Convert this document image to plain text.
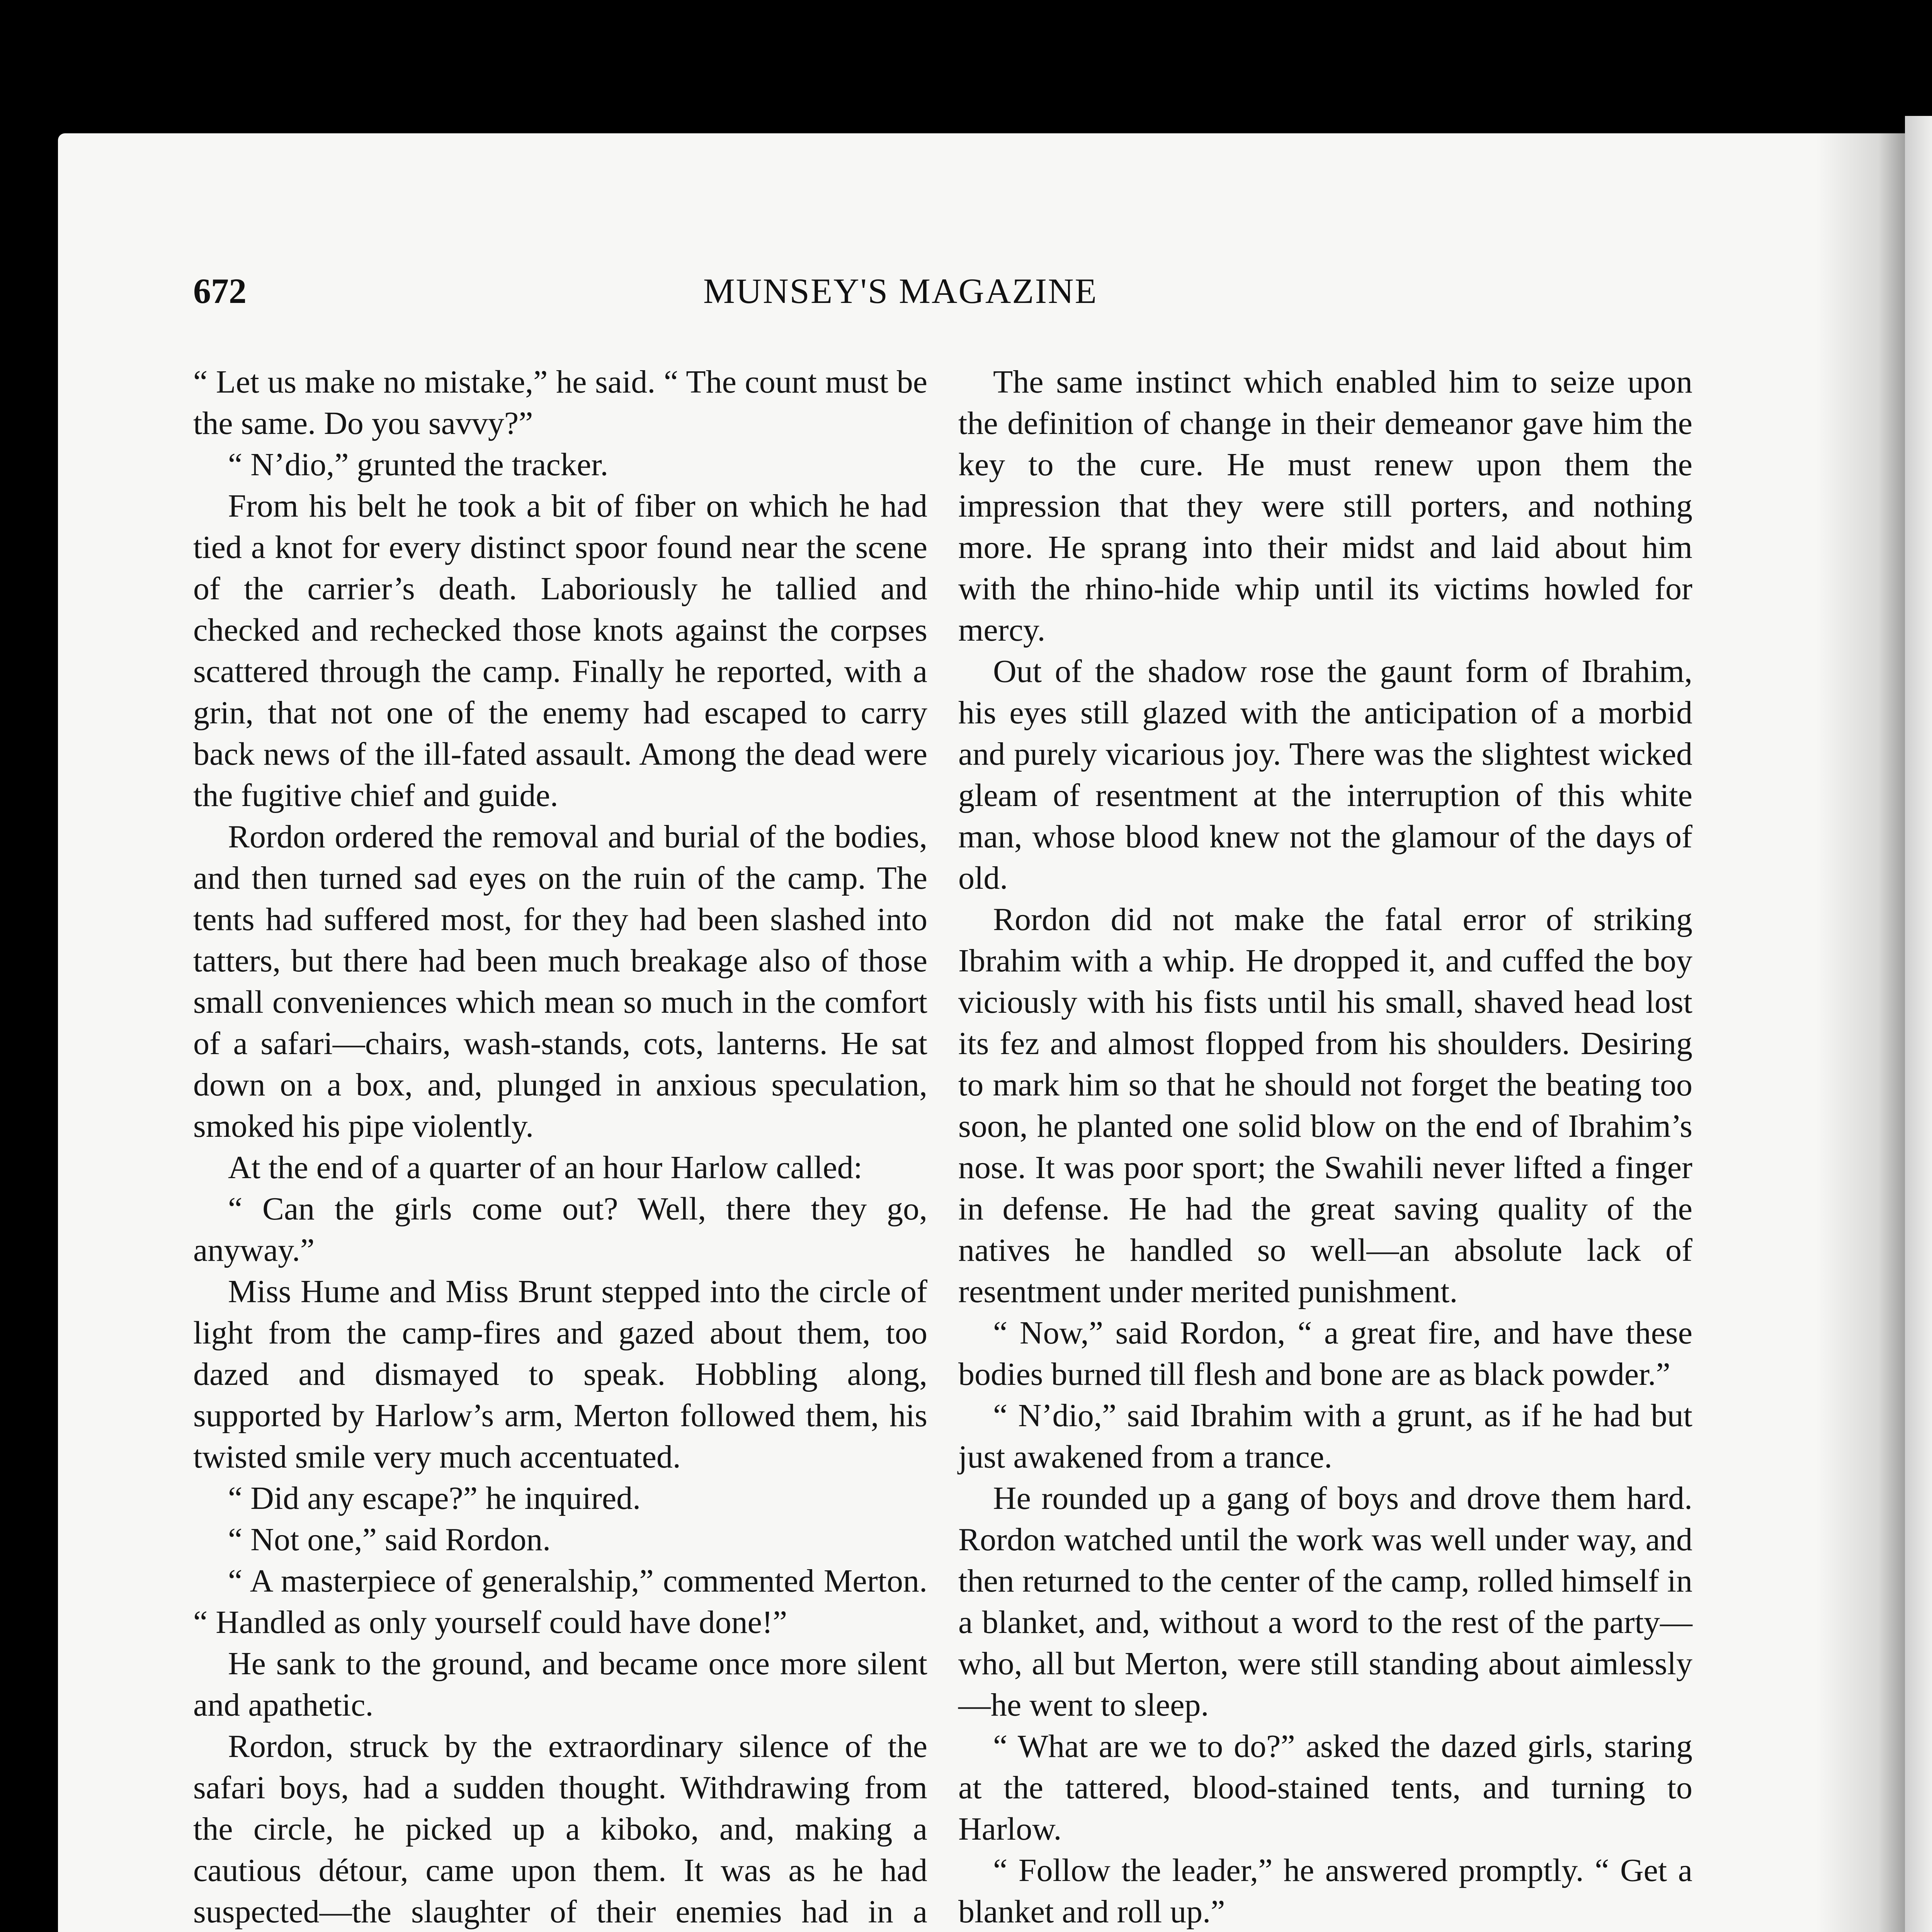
672	MUNSEY'S MAGAZINE

“ Let us make no mistake,” he said. “ The count must be the same. Do you savvy?”

“ N’dio,” grunted the tracker.

From his belt he took a bit of fiber on which he had tied a knot for every distinct spoor found near the scene of the carrier’s death. Laboriously he tallied and checked and rechecked those knots against the corpses scattered through the camp. Finally he reported, with a grin, that not one of the enemy had escaped to carry back news of the ill-fated assault. Among the dead were the fugitive chief and guide.

Rordon ordered the removal and burial of the bodies, and then turned sad eyes on the ruin of the camp. The tents had suffered most, for they had been slashed into tatters, but there had been much breakage also of those small conveniences which mean so much in the comfort of a safari—chairs, wash-stands, cots, lanterns. He sat down on a box, and, plunged in anxious speculation, smoked his pipe violently.

At the end of a quarter of an hour Harlow called:

“ Can the girls come out? Well, there they go, anyway.”

Miss Hume and Miss Brunt stepped into the circle of light from the camp-fires and gazed about them, too dazed and dismayed to speak. Hobbling along, supported by Harlow’s arm, Merton followed them, his twisted smile very much accentuated.

“ Did any escape?” he inquired.

“ Not one,” said Rordon.

“ A masterpiece of generalship,” commented Merton. “ Handled as only yourself could have done!”

He sank to the ground, and became once more silent and apathetic.

Rordon, struck by the extraordinary silence of the safari boys, had a sudden thought. Withdrawing from the circle, he picked up a kiboko, and, making a cautious détour, came upon them. It was as he had suspected—the slaughter of their enemies had in a

The same instinct which enabled him to seize upon the definition of change in their demeanor gave him the key to the cure. He must renew upon them the impression that they were still porters, and nothing more. He sprang into their midst and laid about him with the rhino-hide whip until its victims howled for mercy.

Out of the shadow rose the gaunt form of Ibrahim, his eyes still glazed with the anticipation of a morbid and purely vicarious joy. There was the slightest wicked gleam of resentment at the interruption of this white man, whose blood knew not the glamour of the days of old.

Rordon did not make the fatal error of striking Ibrahim with a whip. He dropped it, and cuffed the boy viciously with his fists until his small, shaved head lost its fez and almost flopped from his shoulders. Desiring to mark him so that he should not forget the beating too soon, he planted one solid blow on the end of Ibrahim’s nose. It was poor sport; the Swahili never lifted a finger in defense. He had the great saving quality of the natives he handled so well—an absolute lack of resentment under merited punishment.

“ Now,” said Rordon, “ a great fire, and have these bodies burned till flesh and bone are as black powder.”

“ N’dio,” said Ibrahim with a grunt, as if he had but just awakened from a trance.

He rounded up a gang of boys and drove them hard. Rordon watched until the work was well under way, and then returned to the center of the camp, rolled himself in a blanket, and, without a word to the rest of the party—who, all but Merton, were still standing about aimlessly—he went to sleep.

“ What are we to do?” asked the dazed girls, staring at the tattered, blood-stained tents, and turning to Harlow.

“ Follow the leader,” he answered promptly. “ Get a blanket and roll up.”
